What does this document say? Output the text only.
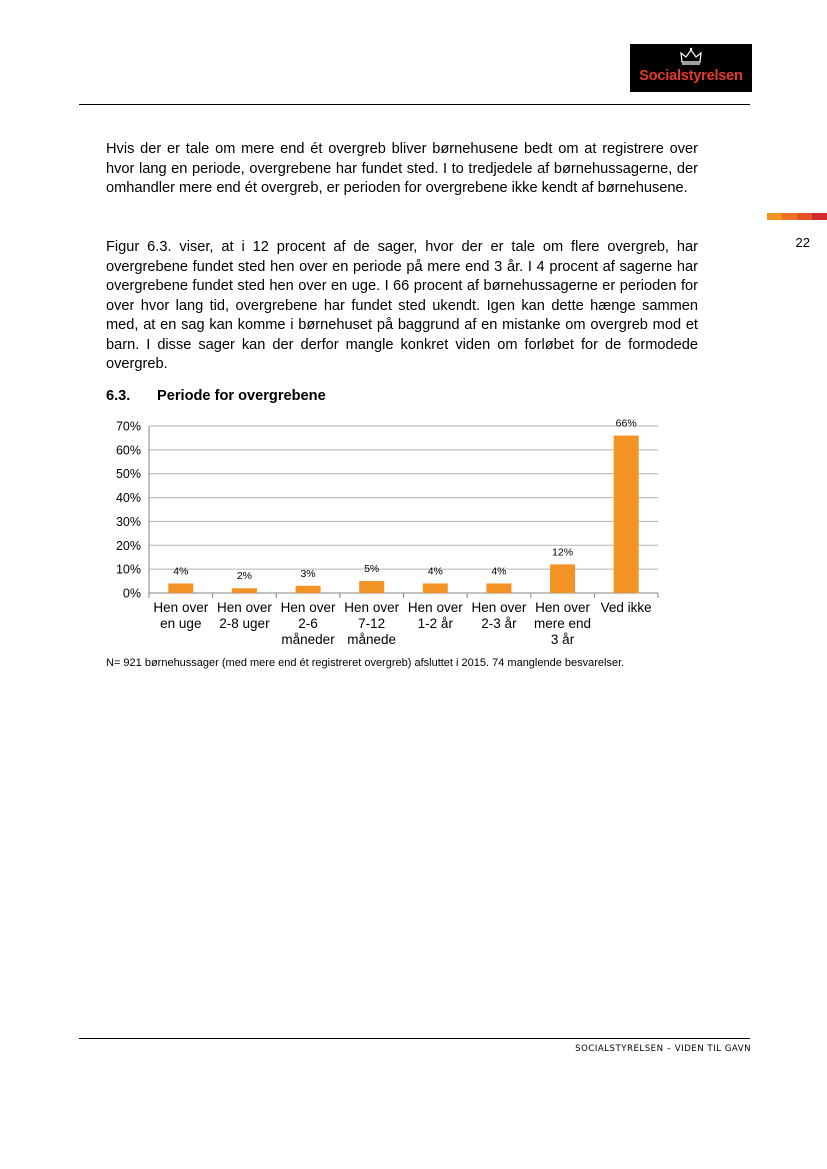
Socialstyrelsen
22

Hvis der er tale om mere end ét overgreb bliver børnehusene bedt om at registrere over hvor lang en periode, overgrebene har fundet sted. I to tredjedele af børnehussagerne, der omhandler mere end ét overgreb, er perioden for overgrebene ikke kendt af børnehusene.

Figur 6.3. viser, at i 12 procent af de sager, hvor der er tale om flere overgreb, har overgrebene fundet sted hen over en periode på mere end 3 år. I 4 procent af sagerne har overgrebene fundet sted hen over en uge. I 66 procent af børnehussagerne er perioden for over hvor lang tid, overgrebene har fundet sted ukendt. Igen kan dette hænge sammen med, at en sag kan komme i børnehuset på baggrund af en mistanke om overgreb mod et barn. I disse sager kan der derfor mangle konkret viden om forløbet for de formodede overgreb.

6.3. Periode for overgrebene
0%
10%
20%
30%
40%
50%
60%
70%
4%
Hen over
en uge
2%
Hen over
2-8 uger
3%
Hen over
2-6
måneder
5%
Hen over
7-12
månede
4%
Hen over
1-2 år
4%
Hen over
2-3 år
12%
Hen over
mere end
3 år
66%
Ved ikke
N= 921 børnehussager (med mere end ét registreret overgreb) afsluttet i 2015. 74 manglende besvarelser.
SOCIALSTYRELSEN – VIDEN TIL GAVN
